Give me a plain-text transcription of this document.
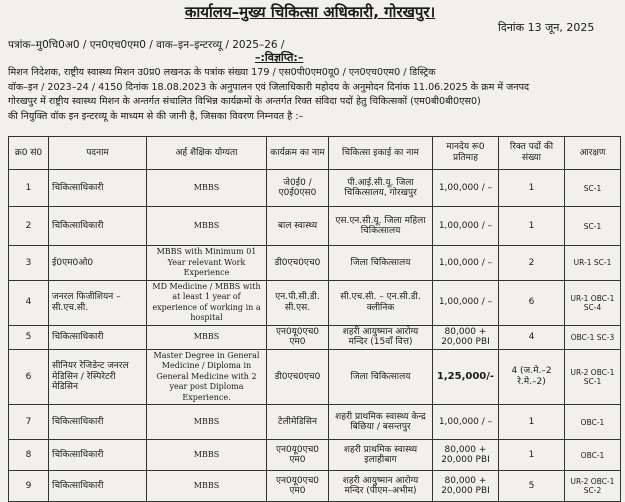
कार्यालय–मुख्य चिकित्सा अधिकारी, गोरखपुर।
दिनांक 13 जून, 2025
पत्रांक–मु0चि0अ0 / एन0एच0एम0 / वाक–इन–इन्टरव्यू / 2025–26 /
–:विज्ञप्ति:–
मिशन निदेशक, राष्ट्रीय स्वास्थ्य मिशन उ0प्र0 लखनऊ के पत्रांक संख्या 179 / एस0पी0एम0यू0 / एन0एच0एम0 / डिस्ट्रिक
वॉक–इन / 2023–24 / 4150 दिनांक 18.08.2023 के अनुपालन एवं जिलाधिकारी महोदय के अनुमोदन दिनांक 11.06.2025 के क्रम में जनपद
गोरखपुर में राष्ट्रीय स्वास्थ्य मिशन के अन्तर्गत संचालित विभिन्न कार्यक्रमों के अन्तर्गत रिक्त संविदा पदों हेतु चिकित्सकों (एम0बी0बी0एस0)
की नियुक्ति वॉक इन इन्टरव्यू के माध्यम से की जानी है, जिसका विवरण निम्नवत है :–
क्र0 सं0	पदनाम	अर्ह शैक्षिक योग्यता	कार्यक्रम का नाम	चिकित्सा इकाई का नाम	मानदेय रू0 प्रतिमाह	रिक्त पदों की संख्या	आरक्षण
1	चिकित्साधिकारी	MBBS	जे0ई0 / ए0ई0एस0	पी.आई.सी.यू. जिला चिकित्सालय, गोरखपुर	1,00,000 / –	1	SC-1
2	चिकित्साधिकारी	MBBS	बाल स्वास्थ्य	एस.एन.सी.यू. जिला महिला चिकित्सालय	1,00,000 / –	1	SC-1
3	ई0एम0ओ0	MBBS with Minimum 01 Year relevant Work Experience	डी0एच0एच0	जिला चिकित्सालय	1,00,000 / –	2	UR-1 SC-1
4	जनरल फिजीशियन – सी.एच.सी.	MD Medicine / MBBS with at least 1 year of experience of working in a hospital	एन.पी.सी.डी. सी.एस.	सी.एच.सी. – एन.सी.डी. क्लीनिक	1,00,000 / –	6	UR-1 OBC-1 SC-4
5	चिकित्साधिकारी	MBBS	एन0यू0एच0 एम0	शहरी आयुष्मान आरोग्य मन्दिर (15वाँ वित्त)	80,000 + 20,000 PBI	4	OBC-1 SC-3
6	सीनियर रेजिडेन्ट जनरल मेडिसिन / रेस्पिरेटरी मेडिसिन	Master Degree in General Medicine / Diploma in General Medicine with 2 year post Diploma Experience.	डी0एच0एच0	जिला चिकित्सालय	1,25,000/-	4 (ज.मे.–2 रे.मे.–2)	UR-2 OBC-1 SC-1
7	चिकित्साधिकारी	MBBS	टेलीमेडिसिन	शहरी प्राथमिक स्वास्थ्य केन्द्र बिछिया / बसन्तपुर	1,00,000 / –	1	OBC-1
8	चिकित्साधिकारी	MBBS	एन0यू0एच0 एम0	शहरी प्राथमिक स्वास्थ्य इलाहीबाग	80,000 + 20,000 PBI	1	OBC-1
9	चिकित्साधिकारी	MBBS	एन0यू0एच0 एम0	शहरी आयुष्मान आरोग्य मन्दिर (पीएम–अभीम)	80,000 + 20,000 PBI	5	UR-2 OBC-1 SC-2
